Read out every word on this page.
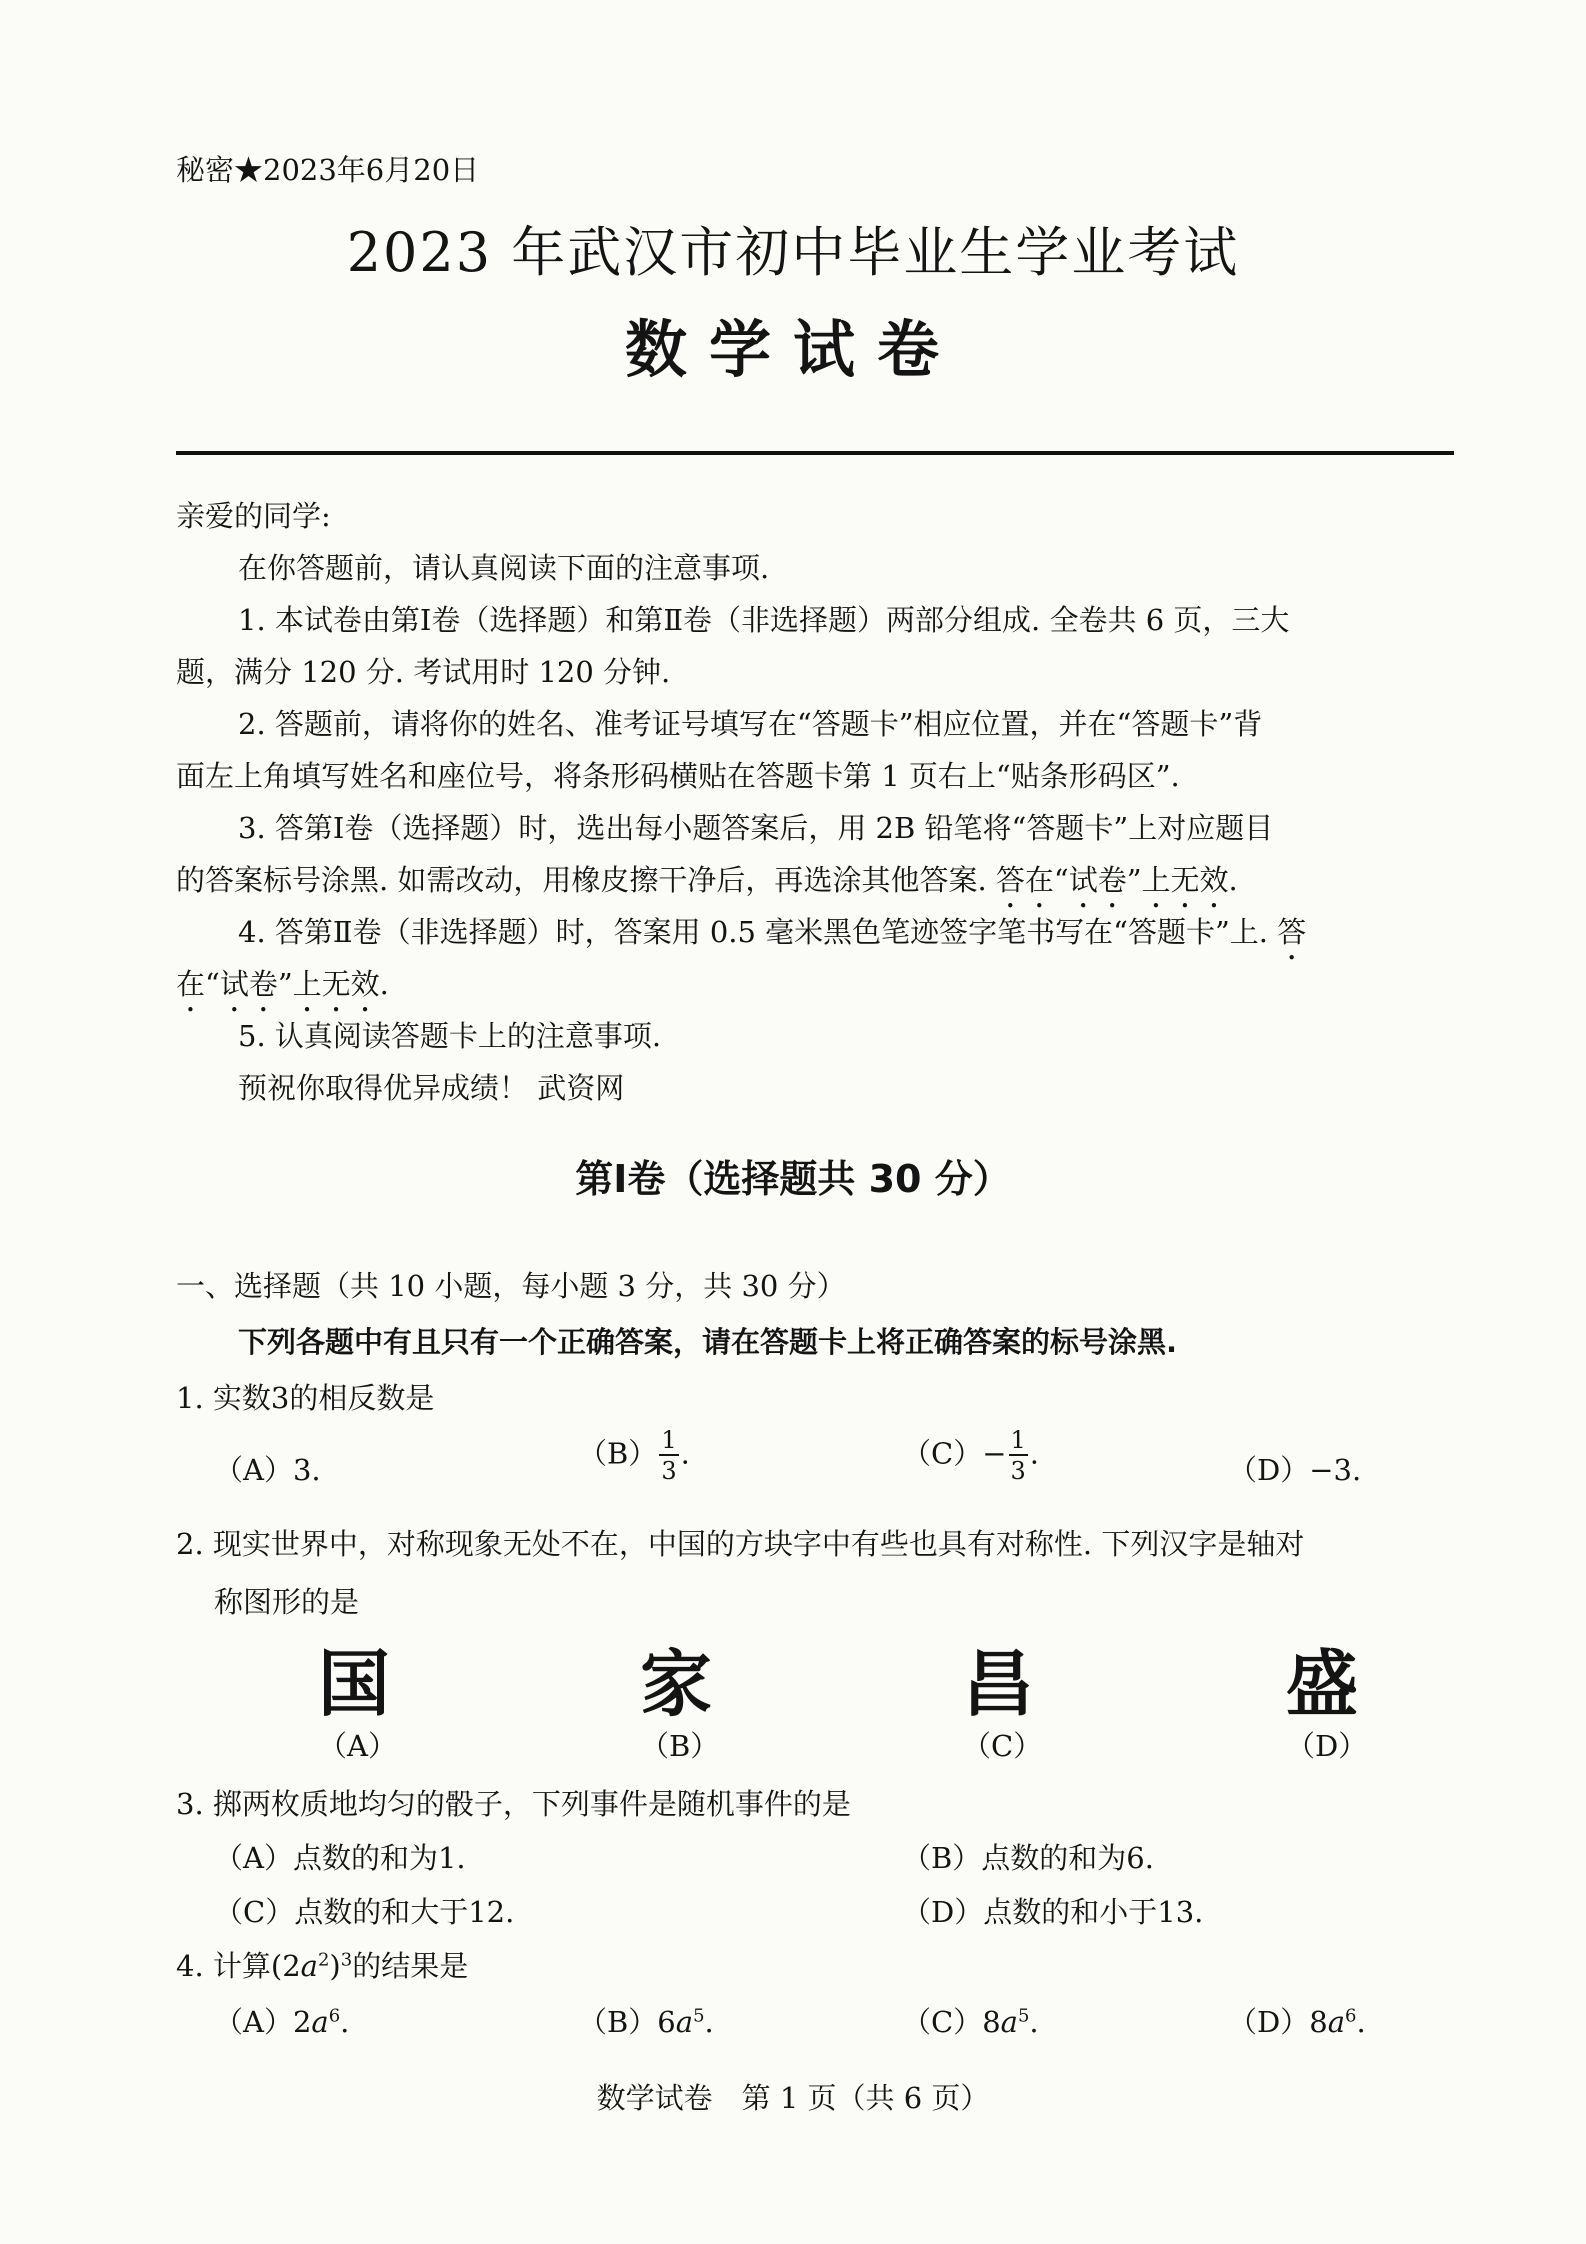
秘密★2023年6月20日
2023 年武汉市初中毕业生学业考试
数学试卷
亲爱的同学:
在你答题前，请认真阅读下面的注意事项.
1. 本试卷由第Ⅰ卷（选择题）和第Ⅱ卷（非选择题）两部分组成. 全卷共 6 页，三大
题，满分 120 分. 考试用时 120 分钟.
2. 答题前，请将你的姓名、准考证号填写在“答题卡”相应位置，并在“答题卡”背
面左上角填写姓名和座位号，将条形码横贴在答题卡第 1 页右上“贴条形码区”.
3. 答第Ⅰ卷（选择题）时，选出每小题答案后，用 2B 铅笔将“答题卡”上对应题目
的答案标号涂黑. 如需改动，用橡皮擦干净后，再选涂其他答案. 答在“试卷”上无效.
4. 答第Ⅱ卷（非选择题）时，答案用 0.5 毫米黑色笔迹签字笔书写在“答题卡”上. 答
在“试卷”上无效.
5. 认真阅读答题卡上的注意事项.
预祝你取得优异成绩！ 武资网
第Ⅰ卷（选择题共 30 分）
一、选择题（共 10 小题，每小题 3 分，共 30 分）
下列各题中有且只有一个正确答案，请在答题卡上将正确答案的标号涂黑.
1. 实数3的相反数是
（A）3.	$(B) \frac{1}{3}$ .	$(C)- \frac{1}{3}$ .	（D）−3.
2. 现实世界中，对称现象无处不在，中国的方块字中有些也具有对称性. 下列汉字是轴对
称图形的是
国	家	昌	盛
（A）	（B）	（C）	（D）
3. 掷两枚质地均匀的骰子，下列事件是随机事件的是
（A）点数的和为1.	（B）点数的和为6.
（C）点数的和大于12.	（D）点数的和小于13.
4. 计算$(2a^2)^3$的结果是
$(A)2a^6$.	$(B)6a^5$.	$(C)8a^5$.	$(D)8a^6$.
数学试卷　第 1 页（共 6 页）
